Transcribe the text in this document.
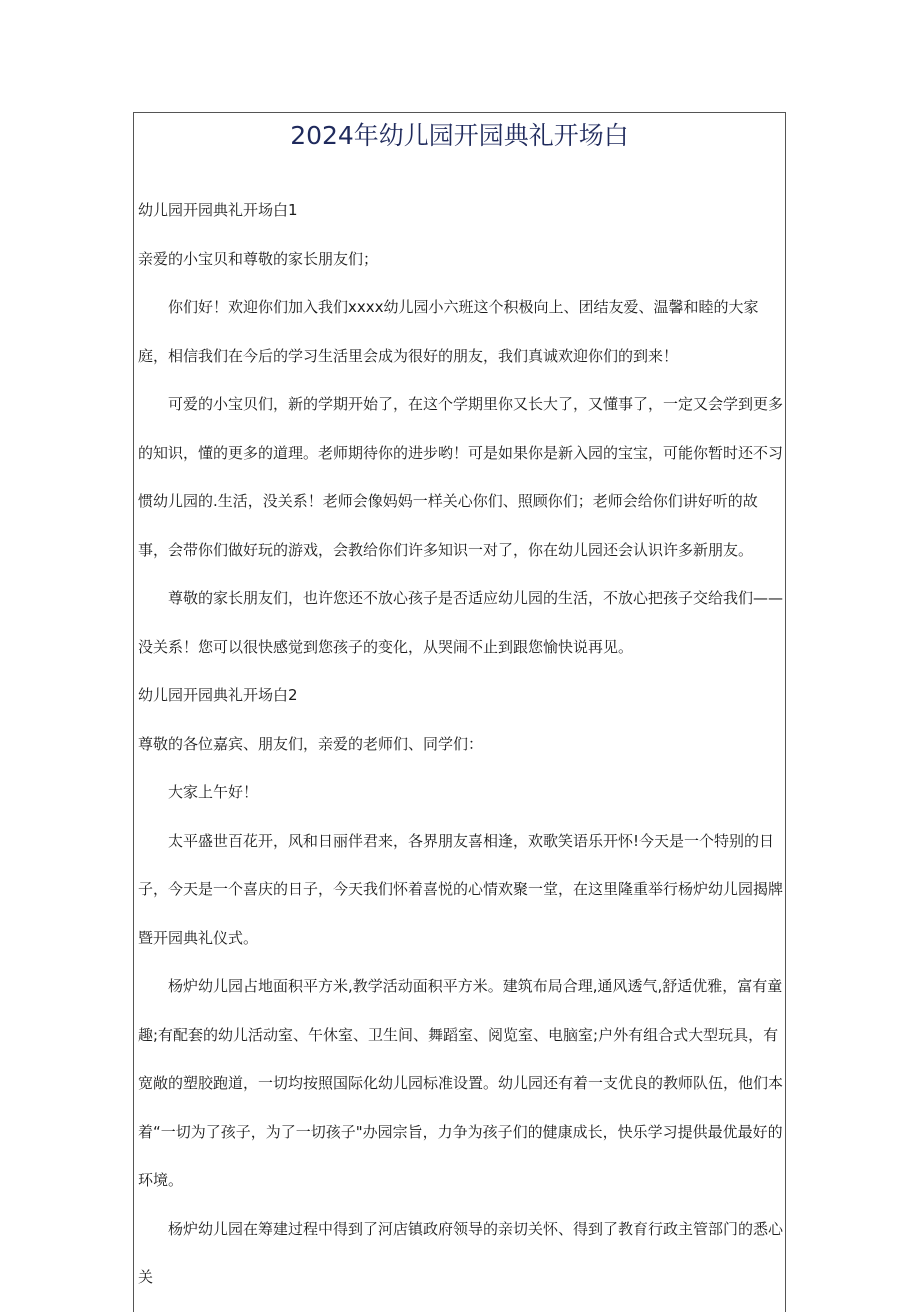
2024年幼儿园开园典礼开场白

幼儿园开园典礼开场白1

亲爱的小宝贝和尊敬的家长朋友们；

你们好！欢迎你们加入我们xxxx幼儿园小六班这个积极向上、团结友爱、温馨和睦的大家庭，相信我们在今后的学习生活里会成为很好的朋友，我们真诚欢迎你们的到来！

可爱的小宝贝们，新的学期开始了，在这个学期里你又长大了，又懂事了，一定又会学到更多的知识，懂的更多的道理。老师期待你的进步哟！可是如果你是新入园的宝宝，可能你暂时还不习惯幼儿园的.生活，没关系！老师会像妈妈一样关心你们、照顾你们；老师会给你们讲好听的故事，会带你们做好玩的游戏，会教给你们许多知识一对了，你在幼儿园还会认识许多新朋友。

尊敬的家长朋友们，也许您还不放心孩子是否适应幼儿园的生活，不放心把孩子交给我们——没关系！您可以很快感觉到您孩子的变化，从哭闹不止到跟您愉快说再见。

幼儿园开园典礼开场白2

尊敬的各位嘉宾、朋友们，亲爱的老师们、同学们：

大家上午好！

太平盛世百花开，风和日丽伴君来，各界朋友喜相逢，欢歌笑语乐开怀!今天是一个特别的日子，今天是一个喜庆的日子，今天我们怀着喜悦的心情欢聚一堂，在这里隆重举行杨炉幼儿园揭牌暨开园典礼仪式。

杨炉幼儿园占地面积平方米,教学活动面积平方米。建筑布局合理,通风透气,舒适优雅，富有童趣;有配套的幼儿活动室、午休室、卫生间、舞蹈室、阅览室、电脑室;户外有组合式大型玩具，有宽敞的塑胶跑道，一切均按照国际化幼儿园标准设置。幼儿园还有着一支优良的教师队伍，他们本着“一切为了孩子，为了一切孩子"办园宗旨，力争为孩子们的健康成长，快乐学习提供最优最好的环境。

杨炉幼儿园在筹建过程中得到了河店镇政府领导的亲切关怀、得到了教育行政主管部门的悉心关
